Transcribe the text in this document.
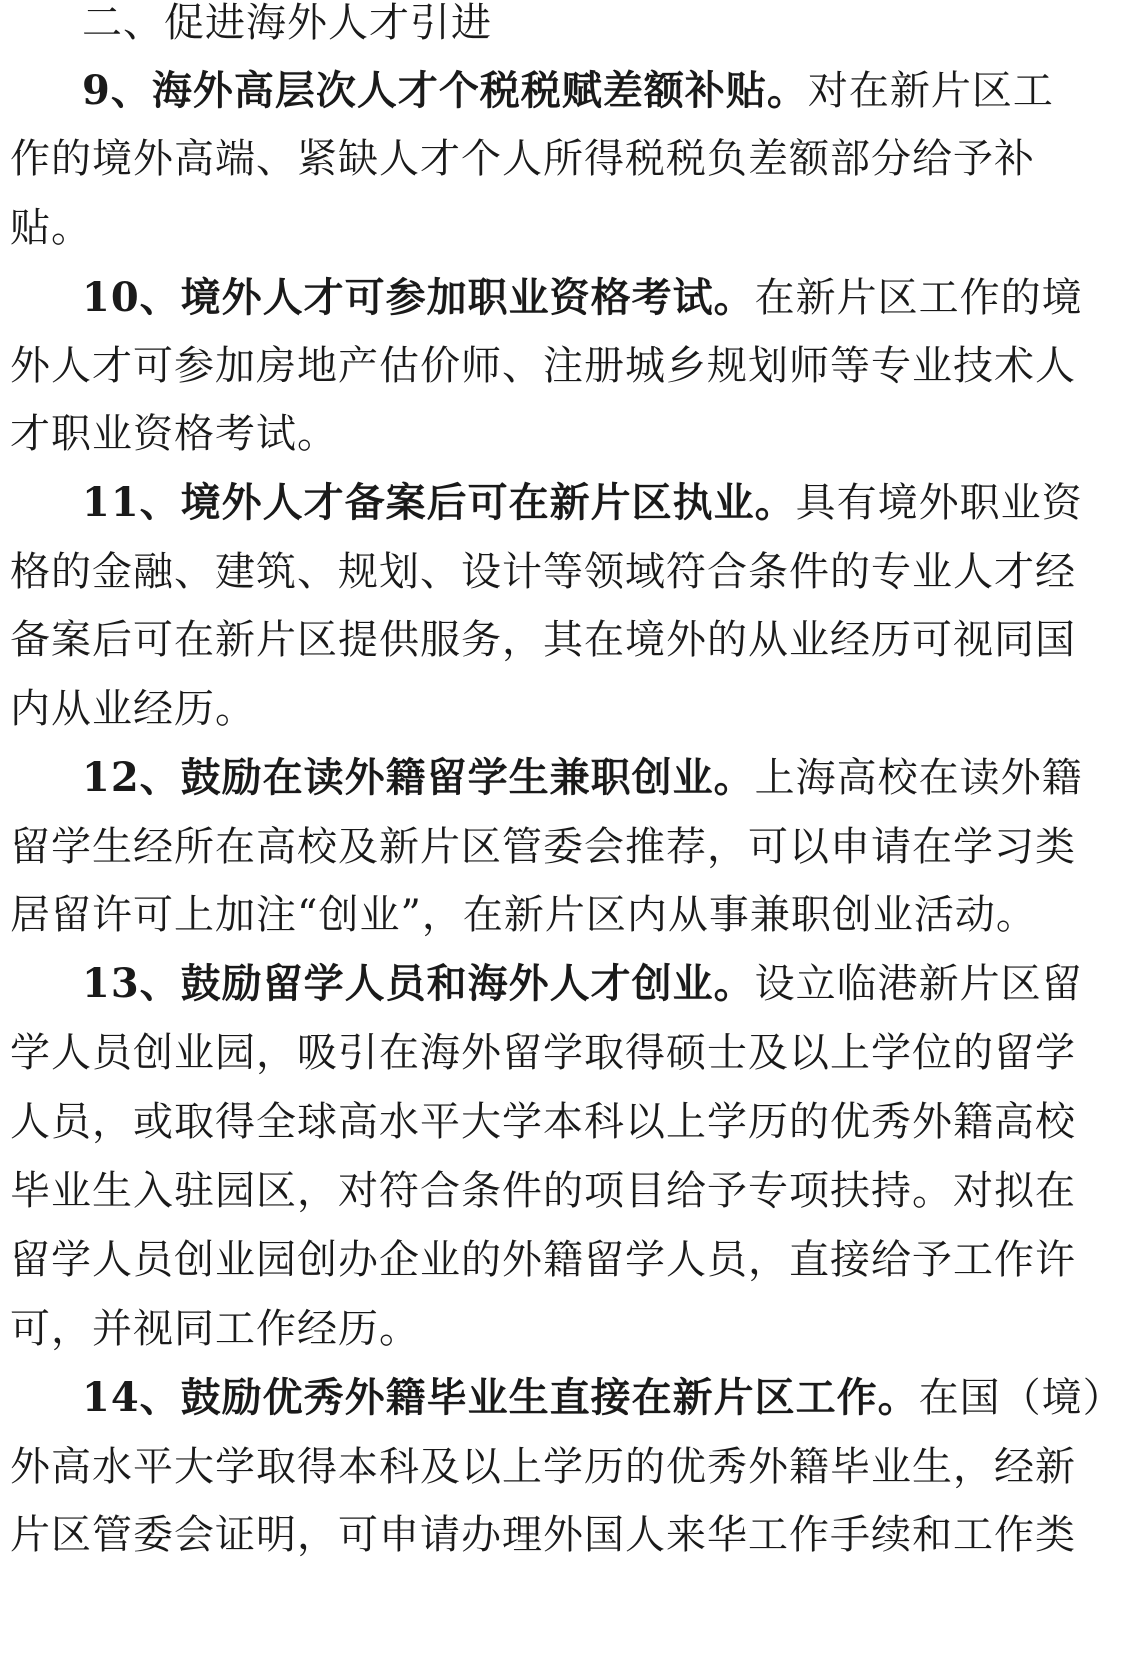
二、促进海外人才引进
9、海外高层次人才个税税赋差额补贴。对在新片区工
作的境外高端、紧缺人才个人所得税税负差额部分给予补
贴。
10、境外人才可参加职业资格考试。在新片区工作的境
外人才可参加房地产估价师、注册城乡规划师等专业技术人
才职业资格考试。
11、境外人才备案后可在新片区执业。具有境外职业资
格的金融、建筑、规划、设计等领域符合条件的专业人才经
备案后可在新片区提供服务，其在境外的从业经历可视同国
内从业经历。
12、鼓励在读外籍留学生兼职创业。上海高校在读外籍
留学生经所在高校及新片区管委会推荐，可以申请在学习类
居留许可上加注“创业”，在新片区内从事兼职创业活动。
13、鼓励留学人员和海外人才创业。设立临港新片区留
学人员创业园，吸引在海外留学取得硕士及以上学位的留学
人员，或取得全球高水平大学本科以上学历的优秀外籍高校
毕业生入驻园区，对符合条件的项目给予专项扶持。对拟在
留学人员创业园创办企业的外籍留学人员，直接给予工作许
可，并视同工作经历。
14、鼓励优秀外籍毕业生直接在新片区工作。在国（境）
外高水平大学取得本科及以上学历的优秀外籍毕业生，经新
片区管委会证明，可申请办理外国人来华工作手续和工作类
